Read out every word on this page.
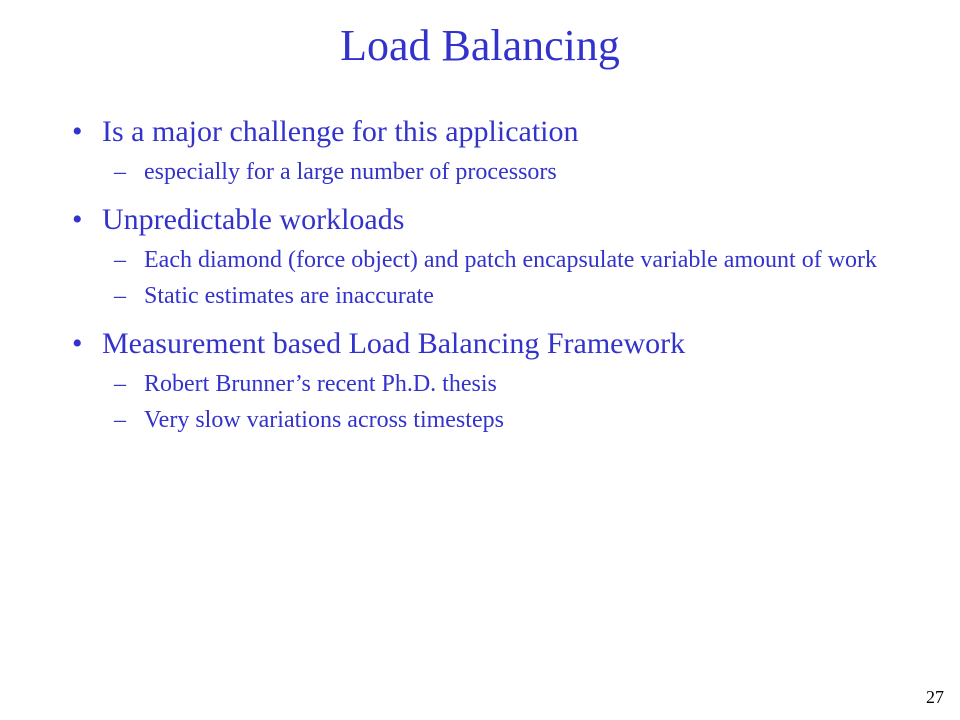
Load Balancing
• Is a major challenge for this application
– especially for a large number of processors
• Unpredictable workloads
– Each diamond (force object) and patch encapsulate variable amount of work
– Static estimates are inaccurate
• Measurement based Load Balancing Framework
– Robert Brunner’s recent Ph.D. thesis
– Very slow variations across timesteps
27
